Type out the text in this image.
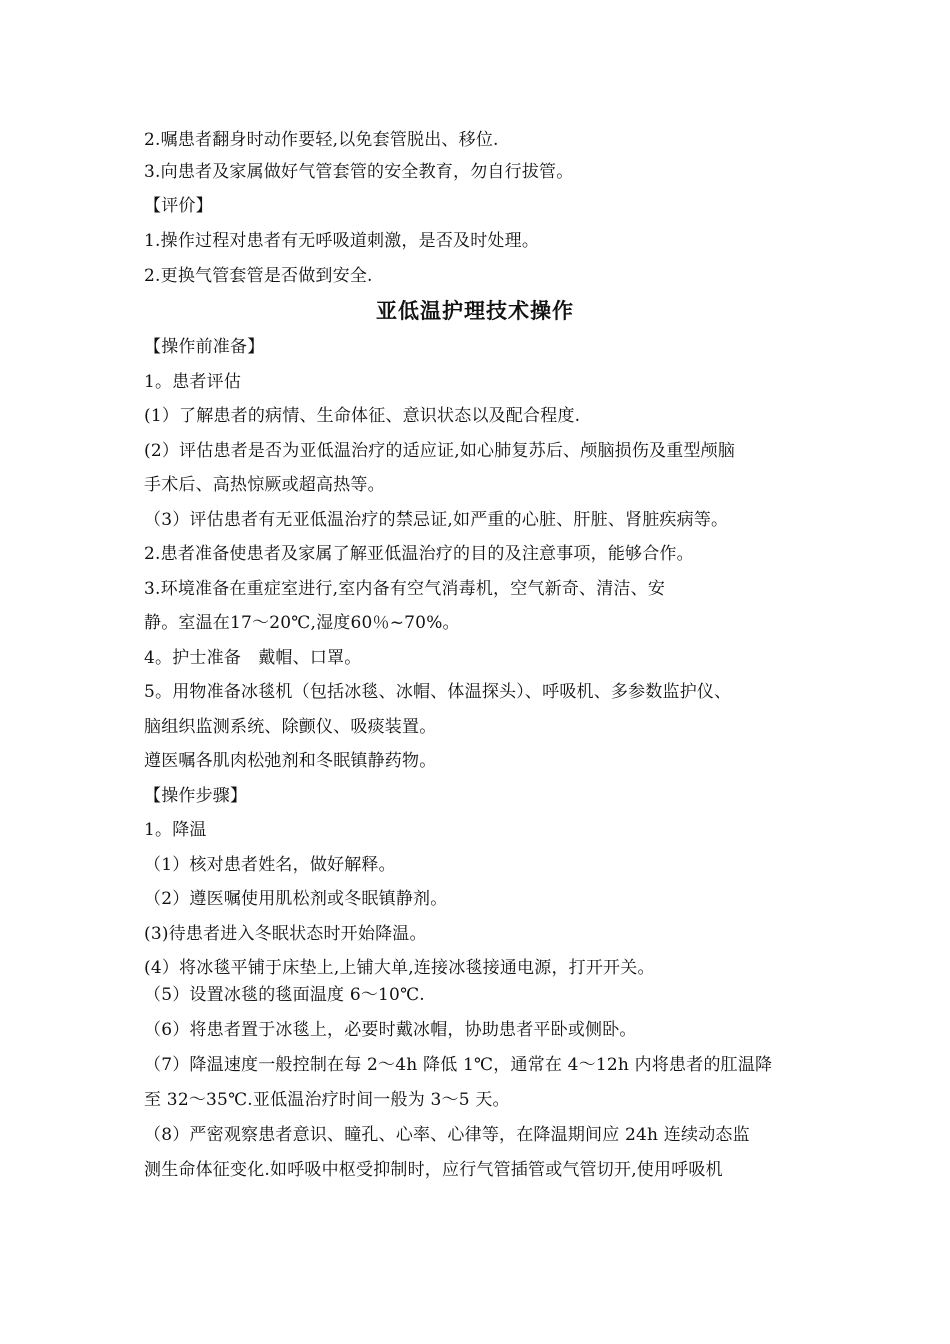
2.嘱患者翻身时动作要轻,以免套管脱出、移位.
3.向患者及家属做好气管套管的安全教育，勿自行拔管。
【评价】
1.操作过程对患者有无呼吸道刺激，是否及时处理。
2.更换气管套管是否做到安全.
亚低温护理技术操作
【操作前准备】
1。患者评估
(1）了解患者的病情、生命体征、意识状态以及配合程度.
(2）评估患者是否为亚低温治疗的适应证,如心肺复苏后、颅脑损伤及重型颅脑
手术后、高热惊厥或超高热等。
（3）评估患者有无亚低温治疗的禁忌证,如严重的心脏、肝脏、肾脏疾病等。
2.患者准备使患者及家属了解亚低温治疗的目的及注意事项，能够合作。
3.环境准备在重症室进行,室内备有空气消毒机，空气新奇、清洁、安
静。室温在17～20℃,湿度60％~70%。
4。护士准备　戴帽、口罩。
5。用物准备冰毯机（包括冰毯、冰帽、体温探头）、呼吸机、多参数监护仪、
脑组织监测系统、除颤仪、吸痰装置。
遵医嘱各肌肉松弛剂和冬眠镇静药物。
【操作步骤】
1。降温
（1）核对患者姓名，做好解释。
（2）遵医嘱使用肌松剂或冬眠镇静剂。
(3)待患者进入冬眠状态时开始降温。
(4）将冰毯平铺于床垫上,上铺大单,连接冰毯接通电源，打开开关。
（5）设置冰毯的毯面温度 6～10℃.
（6）将患者置于冰毯上，必要时戴冰帽，协助患者平卧或侧卧。
（7）降温速度一般控制在每 2～4h 降低 1℃，通常在 4～12h 内将患者的肛温降
至 32～35℃.亚低温治疗时间一般为 3～5 天。
（8）严密观察患者意识、瞳孔、心率、心律等，在降温期间应 24h 连续动态监
测生命体征变化.如呼吸中枢受抑制时，应行气管插管或气管切开,使用呼吸机
